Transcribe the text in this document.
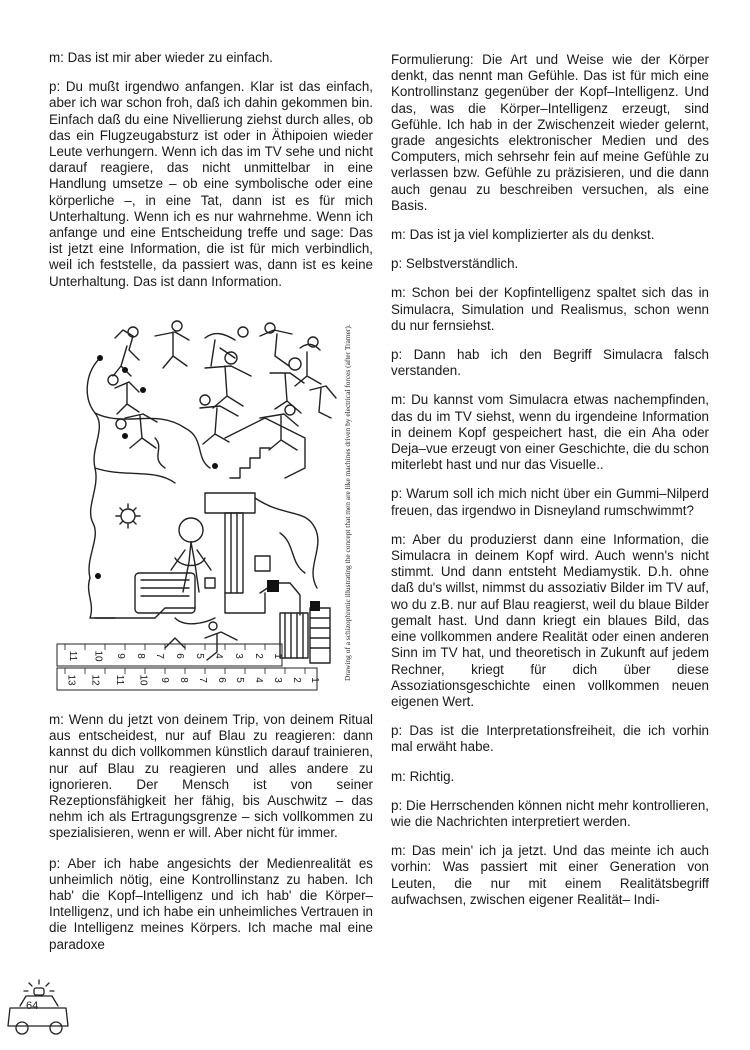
m: Das ist mir aber wieder zu einfach.

p: Du mußt irgendwo anfangen. Klar ist das einfach, aber ich war schon froh, daß ich dahin gekommen bin. Einfach daß du eine Nivellierung ziehst durch alles, ob das ein Flugzeugabsturz ist oder in Äthipoien wieder Leute verhungern. Wenn ich das im TV sehe und nicht darauf reagiere, das nicht unmittelbar in eine Handlung umsetze – ob eine symbolische oder eine körperliche –, in eine Tat, dann ist es für mich Unterhaltung. Wenn ich es nur wahrnehme. Wenn ich anfange und eine Entscheidung treffe und sage: Das ist jetzt eine Information, die ist für mich verbindlich, weil ich feststelle, da passiert was, dann ist es keine Unterhaltung. Das ist dann Information.

11	10	9 8 7 6 5 4 3 2 1
13	12	11	10	9 8 7 6 5 4 3 2 1	Drawing of a schizophrenic illustrating the concept that men are like machines driven by electrical forces (after Tramer).

m: Wenn du jetzt von deinem Trip, von deinem Ritual aus entscheidest, nur auf Blau zu reagieren: dann kannst du dich vollkommen künstlich darauf trainieren, nur auf Blau zu reagieren und alles andere zu ignorieren. Der Mensch ist von seiner Rezeptionsfähigkeit her fähig, bis Auschwitz – das nehm ich als Ertragungsgrenze – sich vollkommen zu spezialisieren, wenn er will. Aber nicht für immer.

p: Aber ich habe angesichts der Medienrealität es unheimlich nötig, eine Kontrollinstanz zu haben. Ich hab' die Kopf–Intelligenz und ich hab' die Körper–Intelligenz, und ich habe ein unheimliches Vertrauen in die Intelligenz meines Körpers. Ich mache mal eine paradoxe

Formulierung: Die Art und Weise wie der Körper denkt, das nennt man Gefühle. Das ist für mich eine Kontrollinstanz gegenüber der Kopf–Intelligenz. Und das, was die Körper–Intelligenz erzeugt, sind Gefühle. Ich hab in der Zwischenzeit wieder gelernt, grade angesichts elektronischer Medien und des Computers, mich sehrsehr fein auf meine Gefühle zu verlassen bzw. Gefühle zu präzisieren, und die dann auch genau zu beschreiben versuchen, als eine Basis.

m: Das ist ja viel komplizierter als du denkst.

p: Selbstverständlich.

m: Schon bei der Kopfintelligenz spaltet sich das in Simulacra, Simulation und Realismus, schon wenn du nur fernsiehst.

p: Dann hab ich den Begriff Simulacra falsch verstanden.

m: Du kannst vom Simulacra etwas nachempfinden, das du im TV siehst, wenn du irgendeine Information in deinem Kopf gespeichert hast, die ein Aha oder Deja–vue erzeugt von einer Geschichte, die du schon miterlebt hast und nur das Visuelle..

p: Warum soll ich mich nicht über ein Gummi–Nilperd freuen, das irgendwo in Disneyland rumschwimmt?

m: Aber du produzierst dann eine Information, die Simulacra in deinem Kopf wird. Auch wenn's nicht stimmt. Und dann entsteht Mediamystik. D.h. ohne daß du's willst, nimmst du assoziativ Bilder im TV auf, wo du z.B. nur auf Blau reagierst, weil du blaue Bilder gemalt hast. Und dann kriegt ein blaues Bild, das eine vollkommen andere Realität oder einen anderen Sinn im TV hat, und theoretisch in Zukunft auf jedem Rechner, kriegt für dich über diese Assoziationsgeschichte einen vollkommen neuen eigenen Wert.

p: Das ist die Interpretationsfreiheit, die ich vorhin mal erwäht habe.

m: Richtig.

p: Die Herrschenden können nicht mehr kontrollieren, wie die Nachrichten interpretiert werden.

m: Das mein' ich ja jetzt. Und das meinte ich auch vorhin: Was passiert mit einer Generation von Leuten, die nur mit einem Realitätsbegriff aufwachsen, zwischen eigener Realität– Indi-

64
